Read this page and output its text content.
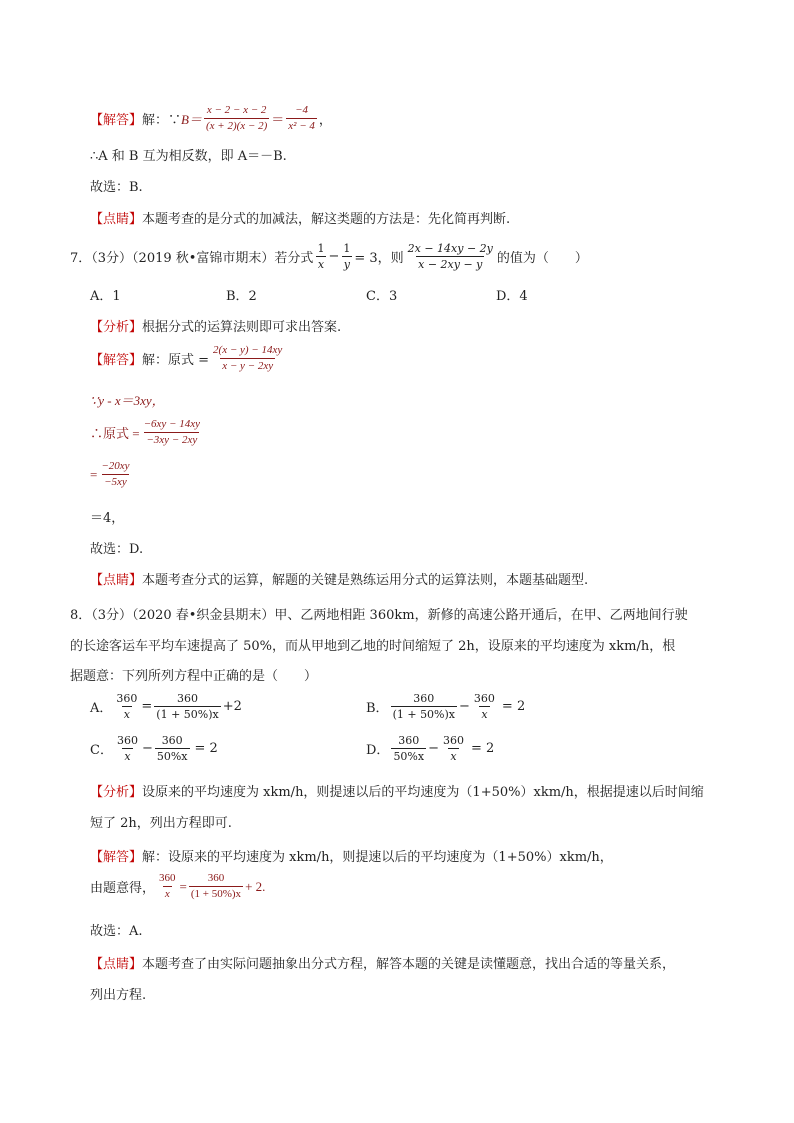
【解答】 解：∵ $B= \frac{x - 2 - x - 2}{(x + 2)(x - 2)} = \frac{-4}{\text{x² − 4}}$ ，
∴A 和 B 互为相反数，即 A＝－B.
故选：B.
【点睛】 本题考查的是分式的加减法，解这类题的方法是：先化简再判断.
7．（3分）（2019 秋•富锦市期末）若分式 $\frac{1}{x} - \frac{1}{y} = 3$，则 $\frac{2x - 14xy - 2y}{x - 2xy - y}$ 的值为（　　）
A．1	B．2	C．3	D．4
【分析】 根据分式的运算法则即可求出答案.
【解答】 解：原式 = $\frac{2(x - y) - 14xy}{x - y - 2xy}$
∵y - x＝3xy，
∴原式 = $\frac{-6xy - 14xy}{-3xy - 2xy}$
= $\frac{-20xy}{-5xy}$
＝4，
故选：D.
【点睛】 本题考查分式的运算，解题的关键是熟练运用分式的运算法则，本题基础题型.
8．（3分）（2020 春•织金县期末）甲、乙两地相距 360km，新修的高速公路开通后，在甲、乙两地间行驶
的长途客运车平均车速提高了 50%，而从甲地到乙地的时间缩短了 2h，设原来的平均速度为 xkm/h，根
据题意：下列所列方程中正确的是（　　）
A． $\frac{360}{x} = \frac{360}{(1 + 50\%)x} +2$	B． $\frac{360}{(1 + 50\%)x} - \frac{360}{x} = 2$
C． $\frac{360}{x} - \frac{360}{50\%x} = 2$	D． $\frac{360}{50\%x} - \frac{360}{x} = 2$
【分析】 设原来的平均速度为 xkm/h，则提速以后的平均速度为（1+50%）xkm/h，根据提速以后时间缩
短了 2h，列出方程即可.
【解答】 解：设原来的平均速度为 xkm/h，则提速以后的平均速度为（1+50%）xkm/h，
由题意得， $\frac{360}{x} = \frac{360}{(1 + 50\%)x} + 2$.
故选：A.
【点睛】 本题考查了由实际问题抽象出分式方程，解答本题的关键是读懂题意，找出合适的等量关系，
列出方程.
